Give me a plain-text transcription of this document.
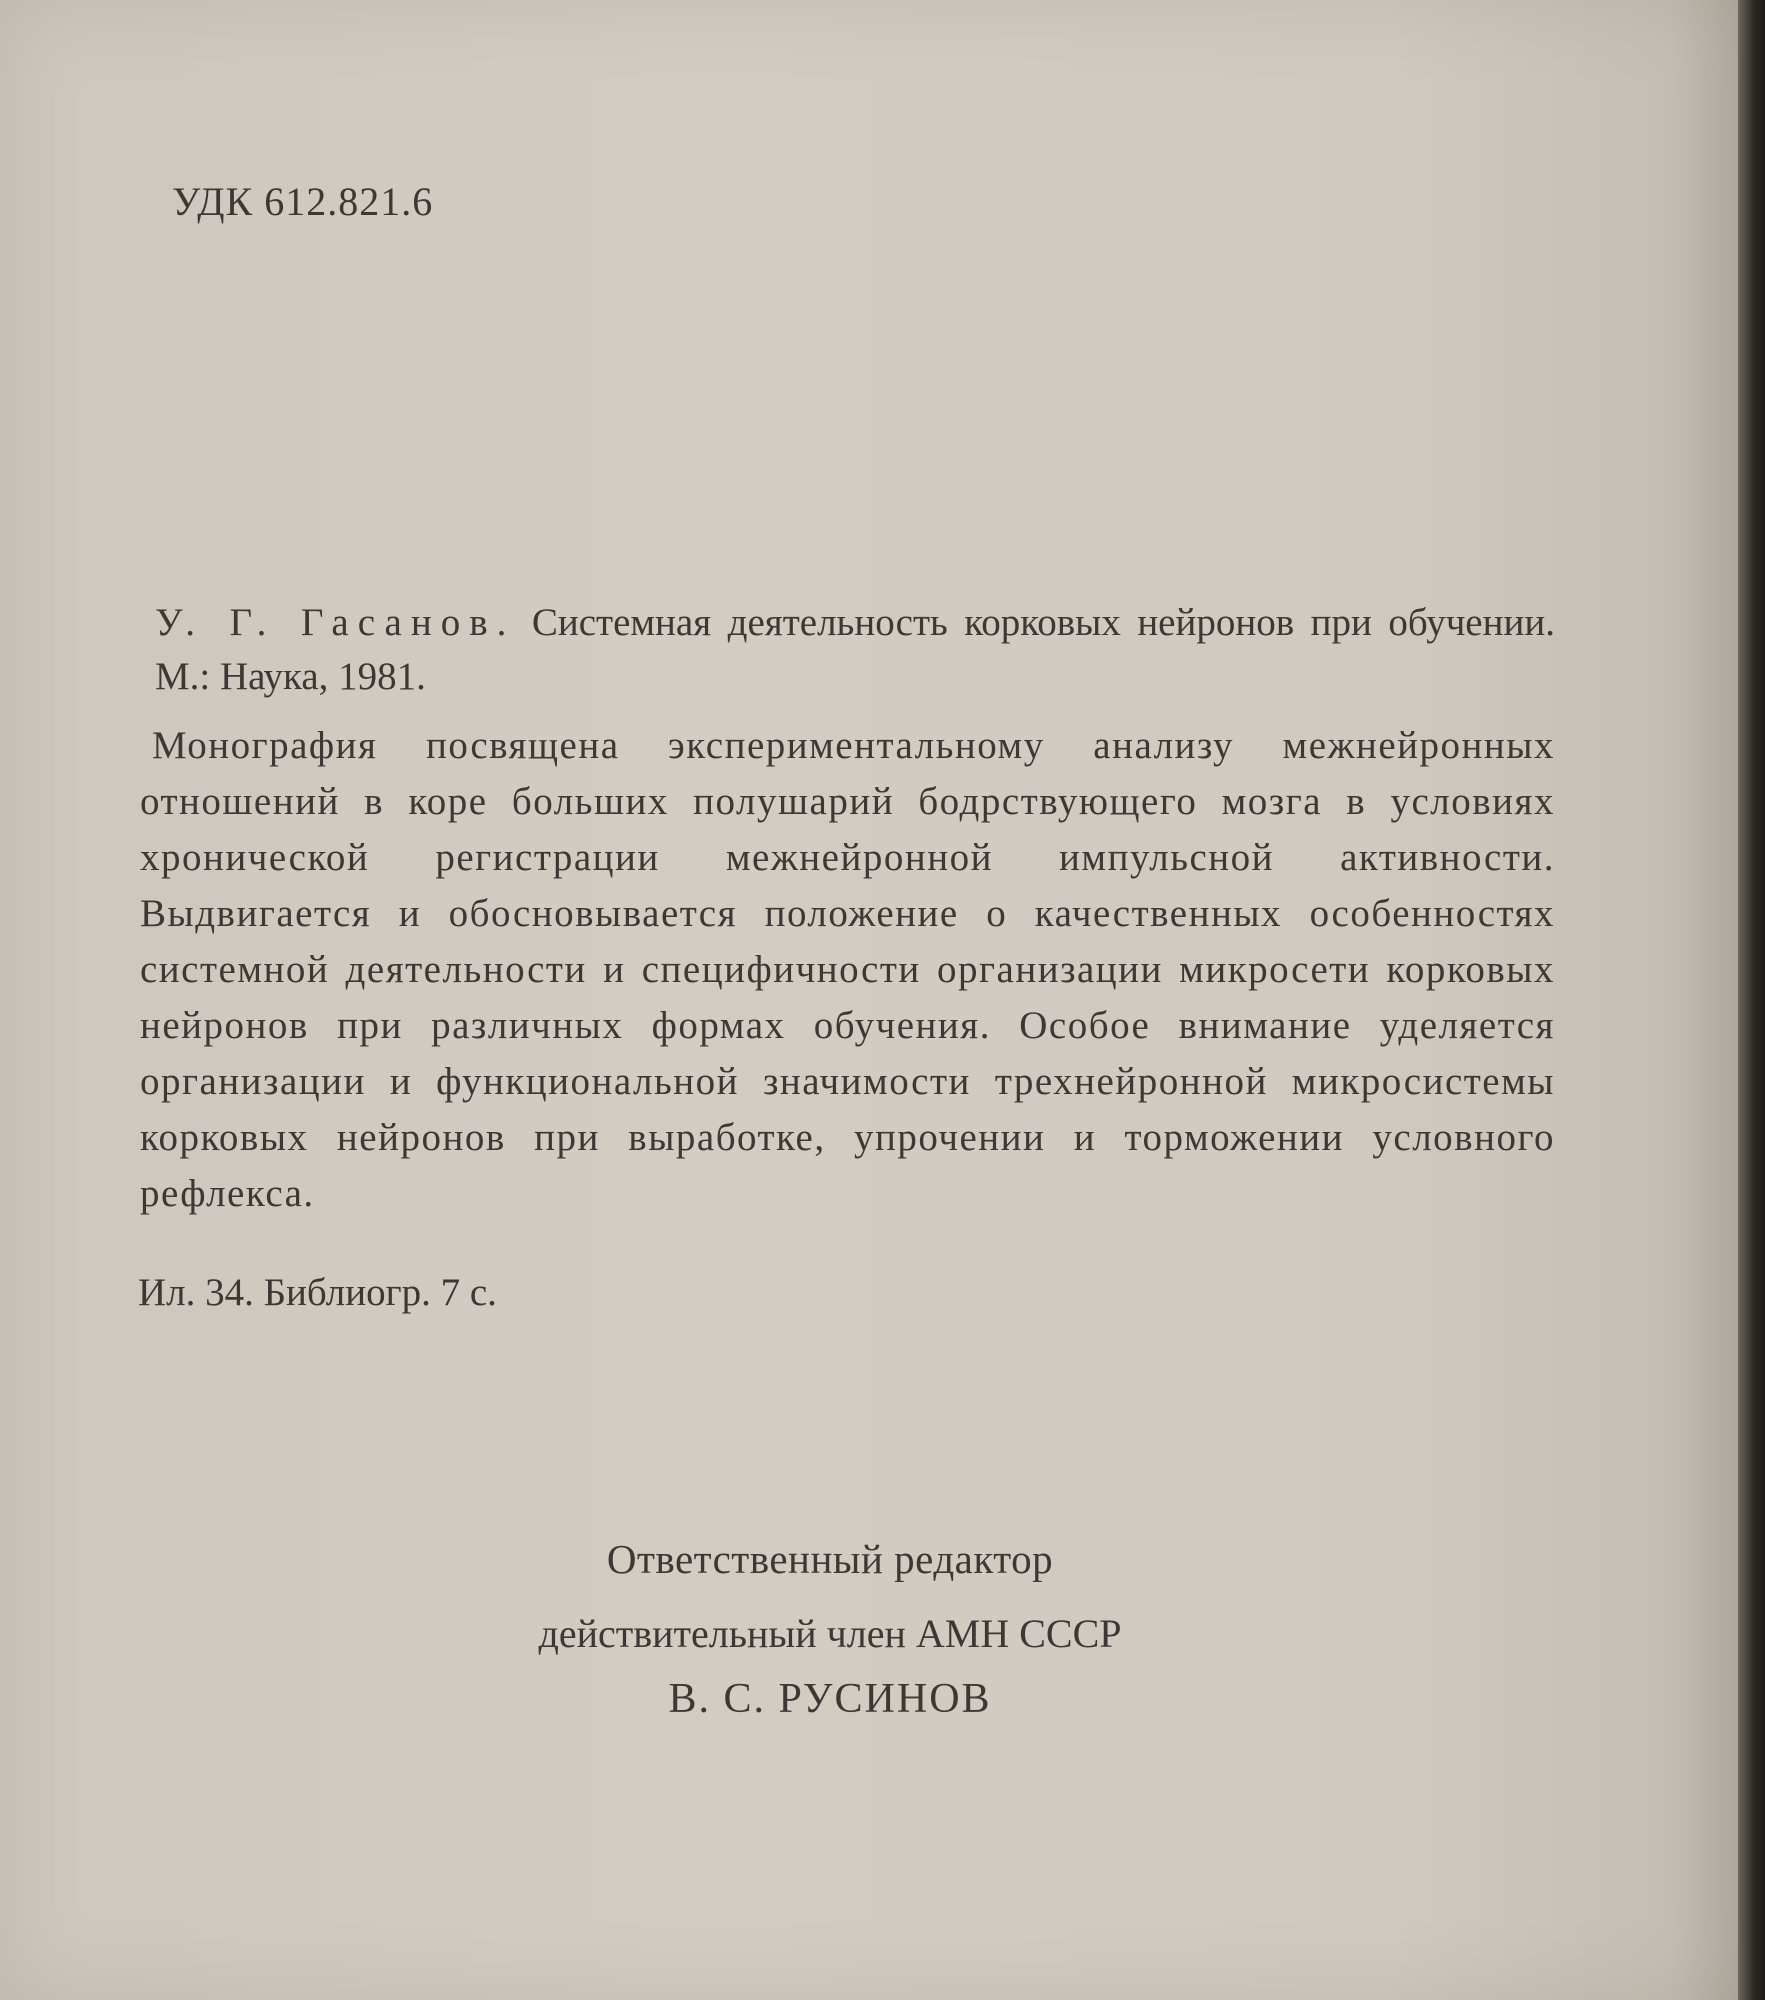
УДК 612.821.6
У. Г. Гасанов. Системная деятельность корковых нейронов при обучении. М.: Наука, 1981.
Монография посвящена экспериментальному анализу межнейронных отношений в коре больших полушарий бодрствующего мозга в условиях хронической регистрации межнейронной импульсной активности. Выдвигается и обосновывается положение о качественных особенностях системной деятельности и специфичности организации микросети корковых нейронов при различных формах обучения. Особое внимание уделяется организации и функциональной значимости трехнейронной микросистемы корковых нейронов при выработке, упрочении и торможении условного рефлекса.
Ил. 34. Библиогр. 7 с.
Ответственный редактор
действительный член АМН СССР
В. С. РУСИНОВ
